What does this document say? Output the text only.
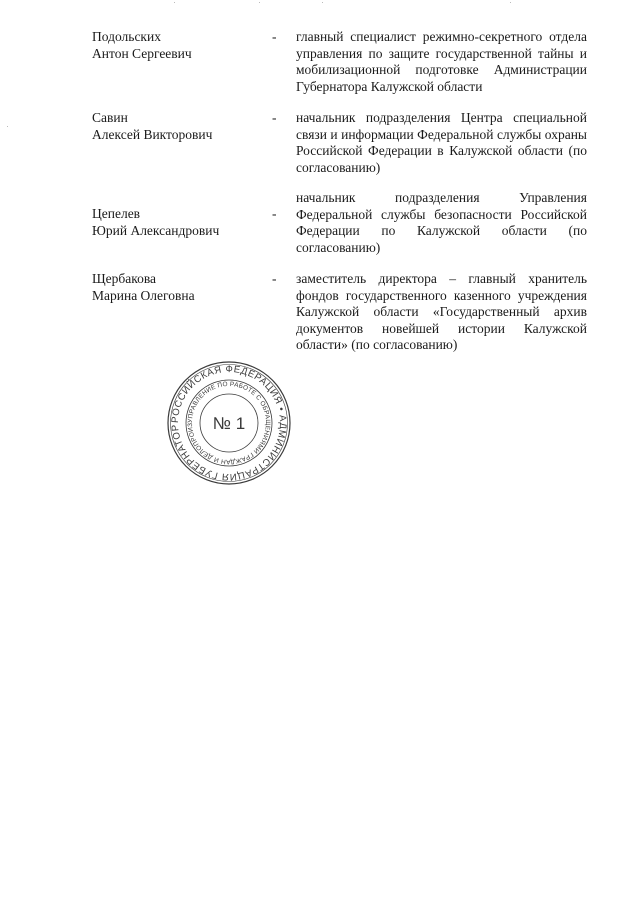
Подольских
Антон Сергеевич
-	главный специалист режимно-секретного отдела управления по защите государственной тайны и мобилизационной подготовке Администрации Губернатора Калужской области
Савин
Алексей Викторович
-	начальник подразделения Центра специальной связи и информации Федеральной службы охраны Российской Федерации в Калужской области (по согласованию)
Цепелев
Юрий Александрович
-
начальник подразделения Управления Федеральной службы безопасности Российской Федерации по Калужской области (по согласованию)
Щербакова
Марина Олеговна
-	заместитель директора – главный хранитель фондов государственного казенного учреждения Калужской области «Государственный архив документов новейшей истории Калужской области» (по согласованию)
РОССИЙСКАЯ ФЕДЕРАЦИЯ • АДМИНИСТРАЦИЯ ГУБЕРНАТОР
УПРАВЛЕНИЕ ПО РАБОТЕ С ОБРАЩЕНИЯМИ ГРАЖДАН И ДЕЛОПРОИЗ	№ 1
